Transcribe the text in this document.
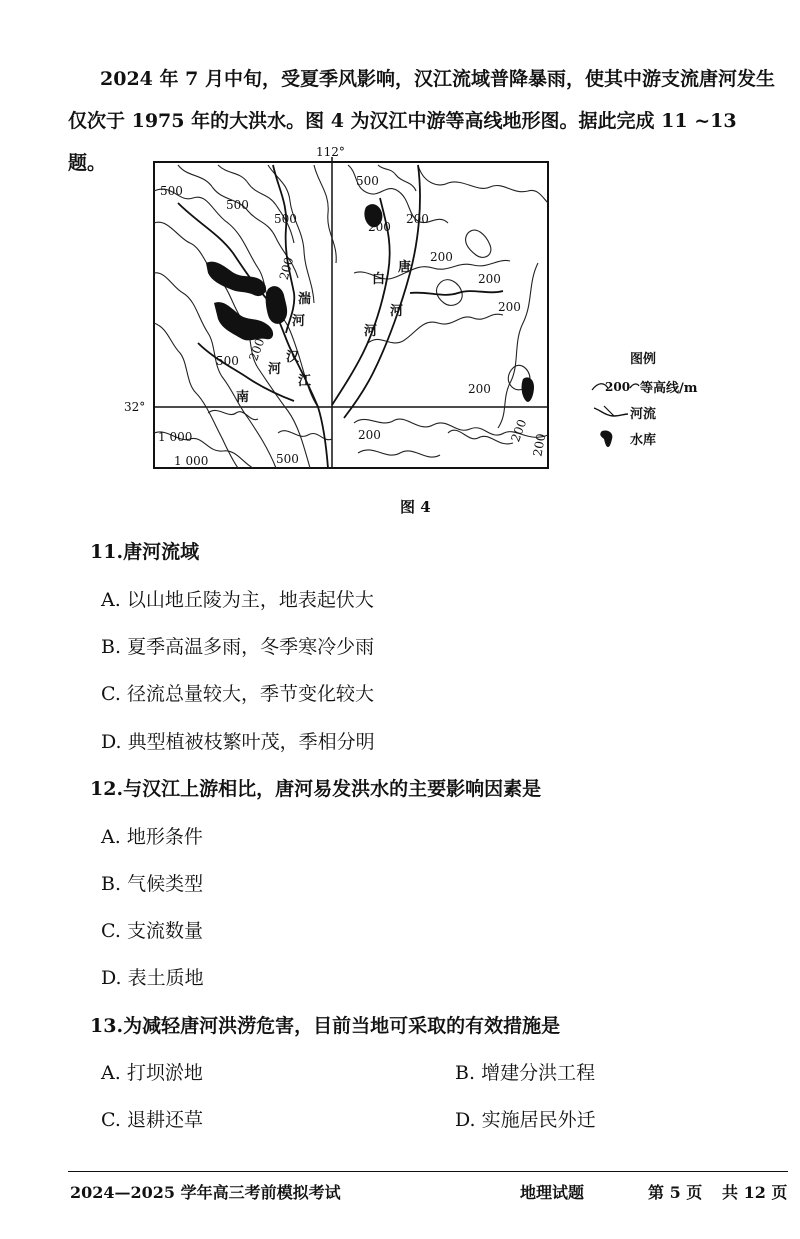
2024 年 7 月中旬，受夏季风影响，汉江流域普降暴雨，使其中游支流唐河发生仅次于 1975 年的大洪水。图 4 为汉江中游等高线地形图。据此完成 11 ~13 题。	112°
32°
500
500
500
200
500
200
500 200
200
200
200
200
200	200
200
1 000
1 000	500
200
白
河
唐
河
湍
河
汉
江
南
河
图例
200 等高线/m
河流
水库
图 4
11.唐河流域
A. 以山地丘陵为主，地表起伏大
B. 夏季高温多雨，冬季寒冷少雨
C. 径流总量较大，季节变化较大
D. 典型植被枝繁叶茂，季相分明
12.与汉江上游相比，唐河易发洪水的主要影响因素是
A. 地形条件
B. 气候类型
C. 支流数量
D. 表土质地
13.为减轻唐河洪涝危害，目前当地可采取的有效措施是
A. 打坝淤地	B. 增建分洪工程
C. 退耕还草	D. 实施居民外迁
2024—2025 学年高三考前模拟考试	地理试题	第 5 页 共 12 页
